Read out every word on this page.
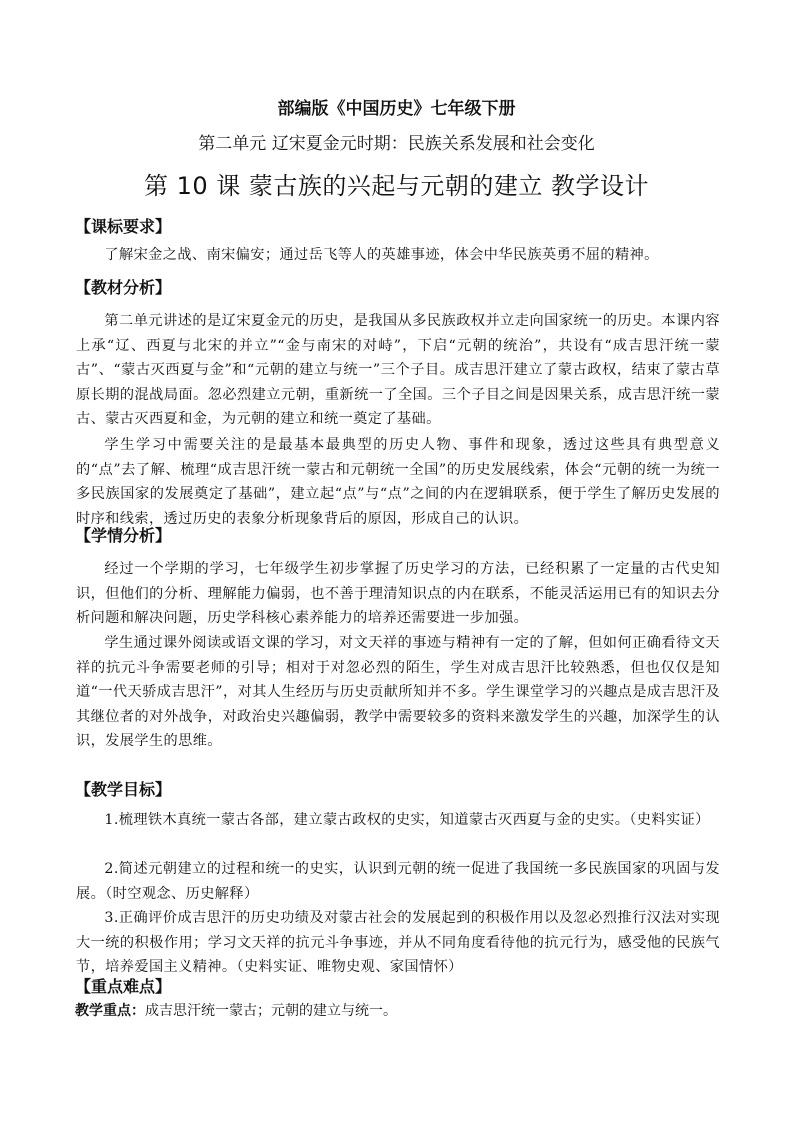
部编版《中国历史》七年级下册
第二单元 辽宋夏金元时期：民族关系发展和社会变化
第 10 课 蒙古族的兴起与元朝的建立 教学设计
【课标要求】
了解宋金之战、南宋偏安；通过岳飞等人的英雄事迹，体会中华民族英勇不屈的精神。
【教材分析】
第二单元讲述的是辽宋夏金元的历史，是我国从多民族政权并立走向国家统一的历史。本课内容上承“辽、西夏与北宋的并立”“金与南宋的对峙”，下启“元朝的统治”，共设有“成吉思汗统一蒙古”、“蒙古灭西夏与金”和“元朝的建立与统一”三个子目。成吉思汗建立了蒙古政权，结束了蒙古草原长期的混战局面。忽必烈建立元朝，重新统一了全国。三个子目之间是因果关系，成吉思汗统一蒙古、蒙古灭西夏和金，为元朝的建立和统一奠定了基础。
学生学习中需要关注的是最基本最典型的历史人物、事件和现象，透过这些具有典型意义的“点”去了解、梳理“成吉思汗统一蒙古和元朝统一全国”的历史发展线索，体会“元朝的统一为统一多民族国家的发展奠定了基础”，建立起“点”与“点”之间的内在逻辑联系，便于学生了解历史发展的时序和线索，透过历史的表象分析现象背后的原因，形成自己的认识。
【学情分析】
经过一个学期的学习，七年级学生初步掌握了历史学习的方法，已经积累了一定量的古代史知识，但他们的分析、理解能力偏弱，也不善于理清知识点的内在联系，不能灵活运用已有的知识去分析问题和解决问题，历史学科核心素养能力的培养还需要进一步加强。
学生通过课外阅读或语文课的学习，对文天祥的事迹与精神有一定的了解，但如何正确看待文天祥的抗元斗争需要老师的引导；相对于对忽必烈的陌生，学生对成吉思汗比较熟悉，但也仅仅是知道“一代天骄成吉思汗”，对其人生经历与历史贡献所知并不多。学生课堂学习的兴趣点是成吉思汗及其继位者的对外战争，对政治史兴趣偏弱，教学中需要较多的资料来激发学生的兴趣，加深学生的认识，发展学生的思维。
【教学目标】
1.梳理铁木真统一蒙古各部，建立蒙古政权的史实，知道蒙古灭西夏与金的史实。（史料实证）
2.简述元朝建立的过程和统一的史实，认识到元朝的统一促进了我国统一多民族国家的巩固与发展。（时空观念、历史解释）
3.正确评价成吉思汗的历史功绩及对蒙古社会的发展起到的积极作用以及忽必烈推行汉法对实现大一统的积极作用；学习文天祥的抗元斗争事迹，并从不同角度看待他的抗元行为，感受他的民族气节，培养爱国主义精神。（史料实证、唯物史观、家国情怀）
【重点难点】
教学重点：成吉思汗统一蒙古；元朝的建立与统一。
